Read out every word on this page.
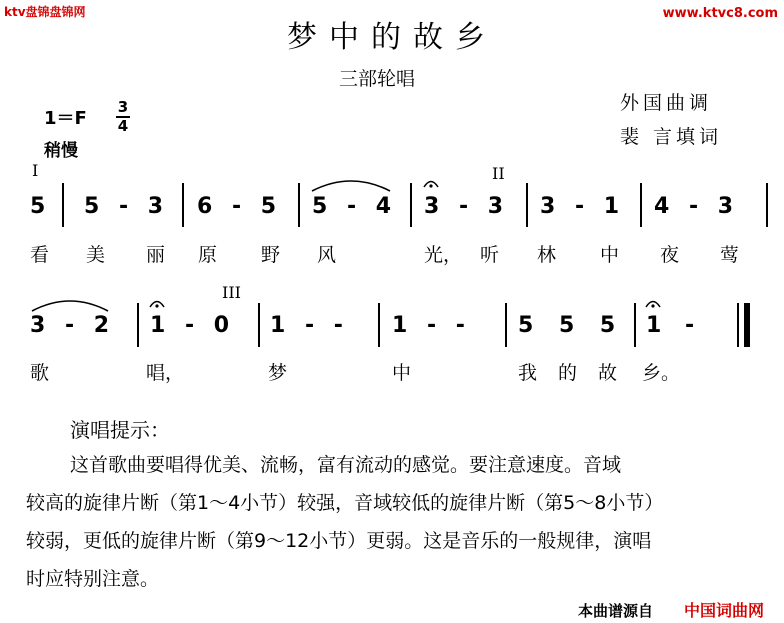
ktv盘锦盘锦网	www.ktvc8.com
梦中的故乡
三部轮唱
外国曲调
裴 言填词
1＝F
3
4
稍慢
I	II
III
5 5 - 3 6 - 5 5 - 4 3 - 3 3 - 1 4 - 3
看 美 丽 原 野 风	光， 听 林 中 夜 莺
3 - 2 1 - 0 1 - - 1 - - 5 5 5 1 -
歌	唱，	梦	中	我 的 故 乡。
演唱提示：

这首歌曲要唱得优美、流畅，富有流动的感觉。要注意速度。音域

较高的旋律片断（第1～4小节）较强，音域较低的旋律片断（第5～8小节）

较弱，更低的旋律片断（第9～12小节）更弱。这是音乐的一般规律，演唱

时应特别注意。

本曲谱源自 中国词曲网
